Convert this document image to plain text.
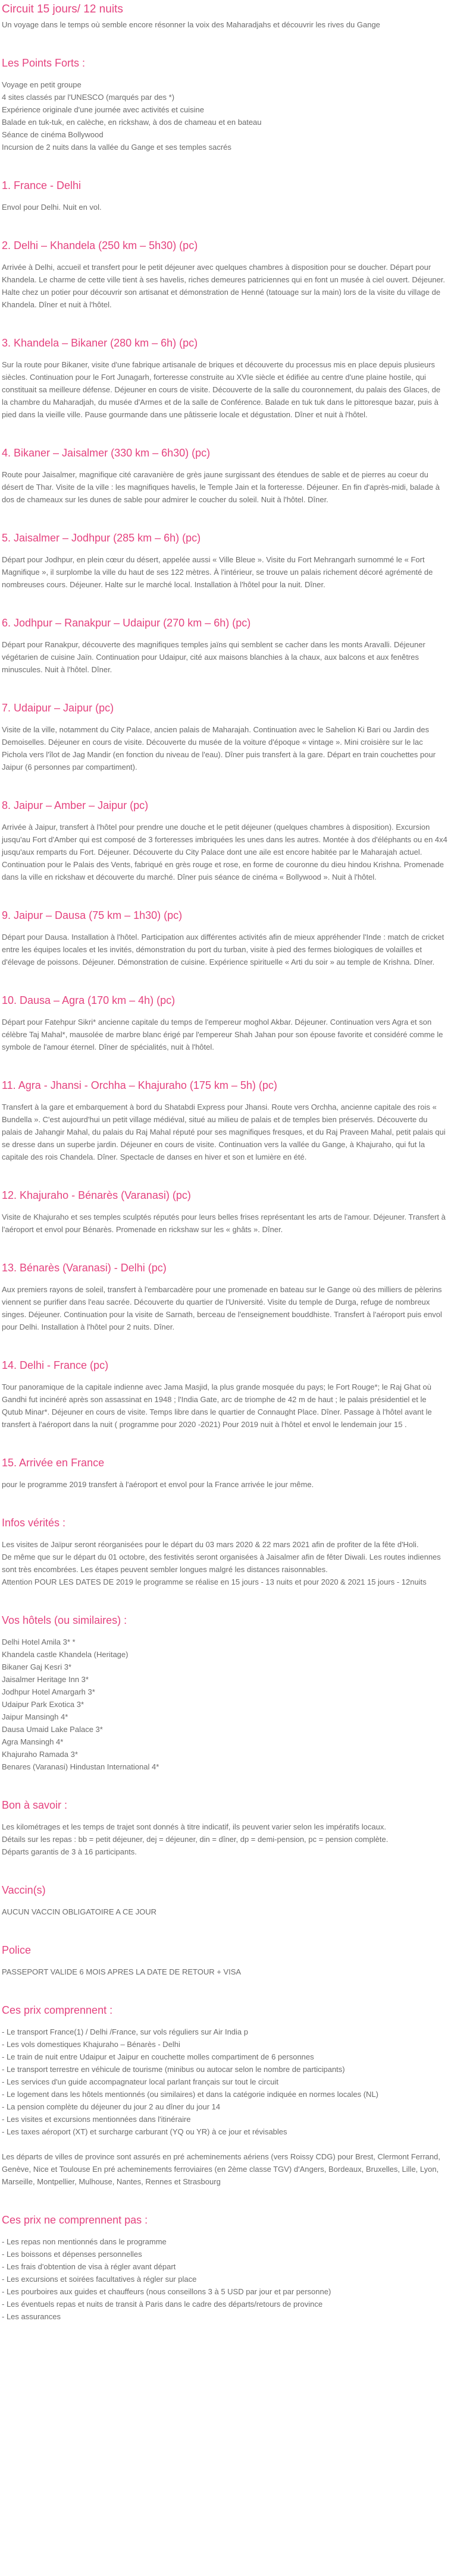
Circuit 15 jours/ 12 nuits

Un voyage dans le temps où semble encore résonner la voix des Maharadjahs et découvrir les rives du Gange

Les Points Forts :
Voyage en petit groupe
4 sites classés par l'UNESCO (marqués par des *)
Expérience originale d'une journée avec activités et cuisine
Balade en tuk-tuk, en calèche, en rickshaw, à dos de chameau et en bateau
Séance de cinéma Bollywood
Incursion de 2 nuits dans la vallée du Gange et ses temples sacrés
1. France - Delhi

Envol pour Delhi. Nuit en vol.

2. Delhi – Khandela (250 km – 5h30) (pc)

Arrivée à Delhi, accueil et transfert pour le petit déjeuner avec quelques chambres à disposition pour se doucher. Départ pour Khandela. Le charme de cette ville tient à ses havelis, riches demeures patriciennes qui en font un musée à ciel ouvert. Déjeuner. Halte chez un potier pour découvrir son artisanat et démonstration de Henné (tatouage sur la main) lors de la visite du village de Khandela. Dîner et nuit à l'hôtel.

3. Khandela – Bikaner (280 km – 6h) (pc)

Sur la route pour Bikaner, visite d'une fabrique artisanale de briques et découverte du processus mis en place depuis plusieurs siècles. Continuation pour le Fort Junagarh, forteresse construite au XVIe siècle et édifiée au centre d'une plaine hostile, qui constituait sa meilleure défense. Déjeuner en cours de visite. Découverte de la salle du couronnement, du palais des Glaces, de la chambre du Maharadjah, du musée d'Armes et de la salle de Conférence. Balade en tuk tuk dans le pittoresque bazar, puis à pied dans la vieille ville. Pause gourmande dans une pâtisserie locale et dégustation. Dîner et nuit à l'hôtel.

4. Bikaner – Jaisalmer (330 km – 6h30) (pc)

Route pour Jaisalmer, magnifique cité caravanière de grès jaune surgissant des étendues de sable et de pierres au coeur du désert de Thar. Visite de la ville : les magnifiques havelis, le Temple Jain et la forteresse. Déjeuner. En fin d'après-midi, balade à dos de chameaux sur les dunes de sable pour admirer le coucher du soleil. Nuit à l'hôtel. Dîner.

5. Jaisalmer – Jodhpur (285 km – 6h) (pc)

Départ pour Jodhpur, en plein cœur du désert, appelée aussi « Ville Bleue ». Visite du Fort Mehrangarh surnommé le « Fort Magnifique », il surplombe la ville du haut de ses 122 mètres. À l'intérieur, se trouve un palais richement décoré agrémenté de nombreuses cours. Déjeuner. Halte sur le marché local. Installation à l'hôtel pour la nuit. Dîner.

6. Jodhpur – Ranakpur – Udaipur (270 km – 6h) (pc)

Départ pour Ranakpur, découverte des magnifiques temples jaïns qui semblent se cacher dans les monts Aravalli. Déjeuner végétarien de cuisine Jaïn. Continuation pour Udaipur, cité aux maisons blanchies à la chaux, aux balcons et aux fenêtres minuscules. Nuit à l'hôtel. Dîner.

7. Udaipur – Jaipur (pc)

Visite de la ville, notamment du City Palace, ancien palais de Maharajah. Continuation avec le Sahelion Ki Bari ou Jardin des Demoiselles. Déjeuner en cours de visite. Découverte du musée de la voiture d'époque « vintage ». Mini croisière sur le lac Pichola vers l'îlot de Jag Mandir (en fonction du niveau de l'eau). Dîner puis transfert à la gare. Départ en train couchettes pour Jaipur (6 personnes par compartiment).

8. Jaipur – Amber – Jaipur (pc)

Arrivée à Jaipur, transfert à l'hôtel pour prendre une douche et le petit déjeuner (quelques chambres à disposition). Excursion jusqu'au Fort d'Amber qui est composé de 3 forteresses imbriquées les unes dans les autres. Montée à dos d'éléphants ou en 4x4 jusqu'aux remparts du Fort. Déjeuner. Découverte du City Palace dont une aile est encore habitée par le Maharajah actuel. Continuation pour le Palais des Vents, fabriqué en grès rouge et rose, en forme de couronne du dieu hindou Krishna. Promenade dans la ville en rickshaw et découverte du marché. Dîner puis séance de cinéma « Bollywood ». Nuit à l'hôtel.

9. Jaipur – Dausa (75 km – 1h30) (pc)

Départ pour Dausa. Installation à l'hôtel. Participation aux différentes activités afin de mieux appréhender l'Inde : match de cricket entre les équipes locales et les invités, démonstration du port du turban, visite à pied des fermes biologiques de volailles et d'élevage de poissons. Déjeuner. Démonstration de cuisine. Expérience spirituelle « Arti du soir » au temple de Krishna. Dîner.

10. Dausa – Agra (170 km – 4h) (pc)

Départ pour Fatehpur Sikri* ancienne capitale du temps de l'empereur moghol Akbar. Déjeuner. Continuation vers Agra et son célèbre Taj Mahal*, mausolée de marbre blanc érigé par l'empereur Shah Jahan pour son épouse favorite et considéré comme le symbole de l'amour éternel. Dîner de spécialités, nuit à l'hôtel.

11. Agra - Jhansi - Orchha – Khajuraho (175 km – 5h) (pc)

Transfert à la gare et embarquement à bord du Shatabdi Express pour Jhansi. Route vers Orchha, ancienne capitale des rois « Bundella ». C'est aujourd'hui un petit village médiéval, situé au milieu de palais et de temples bien préservés. Découverte du palais de Jahangir Mahal, du palais du Raj Mahal réputé pour ses magnifiques fresques, et du Raj Praveen Mahal, petit palais qui se dresse dans un superbe jardin. Déjeuner en cours de visite. Continuation vers la vallée du Gange, à Khajuraho, qui fut la capitale des rois Chandela. Dîner. Spectacle de danses en hiver et son et lumière en été.

12. Khajuraho - Bénarès (Varanasi) (pc)

Visite de Khajuraho et ses temples sculptés réputés pour leurs belles frises représentant les arts de l'amour. Déjeuner. Transfert à l'aéroport et envol pour Bénarès. Promenade en rickshaw sur les « ghâts ». Dîner.

13. Bénarès (Varanasi) - Delhi (pc)

Aux premiers rayons de soleil, transfert à l'embarcadère pour une promenade en bateau sur le Gange où des milliers de pèlerins viennent se purifier dans l'eau sacrée. Découverte du quartier de l'Université. Visite du temple de Durga, refuge de nombreux singes. Déjeuner. Continuation pour la visite de Sarnath, berceau de l'enseignement bouddhiste. Transfert à l'aéroport puis envol pour Delhi. Installation à l'hôtel pour 2 nuits. Dîner.

14. Delhi - France (pc)

Tour panoramique de la capitale indienne avec Jama Masjid, la plus grande mosquée du pays; le Fort Rouge*; le Raj Ghat où Gandhi fut incinéré après son assassinat en 1948 ; l'India Gate, arc de triomphe de 42 m de haut ; le palais présidentiel et le Qutub Minar*. Déjeuner en cours de visite. Temps libre dans le quartier de Connaught Place. Dîner. Passage à l'hôtel avant le transfert à l'aéroport dans la nuit ( programme pour 2020 -2021) Pour 2019 nuit à l'hôtel et envol le lendemain jour 15 .

15. Arrivée en France

pour le programme 2019 transfert à l'aéroport et envol pour la France arrivée le jour même.

Infos vérités :

Les visites de Jaïpur seront réorganisées pour le départ du 03 mars 2020 & 22 mars 2021 afin de profiter de la fête d'Holi.

De même que sur le départ du 01 octobre, des festivités seront organisées à Jaisalmer afin de fêter Diwali. Les routes indiennes sont très encombrées. Les étapes peuvent sembler longues malgré les distances raisonnables.

Attention POUR LES DATES DE 2019 le programme se réalise en 15 jours - 13 nuits et pour 2020 & 2021 15 jours - 12nuits

Vos hôtels (ou similaires) :
Delhi Hotel Amila 3* *
Khandela castle Khandela (Heritage)
Bikaner Gaj Kesri 3*
Jaisalmer Heritage Inn 3*
Jodhpur Hotel Amargarh 3*
Udaipur Park Exotica 3*
Jaipur Mansingh 4*
Dausa Umaid Lake Palace 3*
Agra Mansingh 4*
Khajuraho Ramada 3*
Benares (Varanasi) Hindustan International 4*
Bon à savoir :

Les kilométrages et les temps de trajet sont donnés à titre indicatif, ils peuvent varier selon les impératifs locaux.

Détails sur les repas : bb = petit déjeuner, dej = déjeuner, din = dîner, dp = demi-pension, pc = pension complète.

Départs garantis de 3 à 16 participants.

Vaccin(s)

AUCUN VACCIN OBLIGATOIRE A CE JOUR

Police

PASSEPORT VALIDE 6 MOIS APRES LA DATE DE RETOUR + VISA

Ces prix comprennent :
- Le transport France(1) / Delhi /France, sur vols réguliers sur Air India p
- Les vols domestiques Khajuraho – Bénarès - Delhi
- Le train de nuit entre Udaipur et Jaipur en couchette molles compartiment de 6 personnes
- Le transport terrestre en véhicule de tourisme (minibus ou autocar selon le nombre de participants)
- Les services d'un guide accompagnateur local parlant français sur tout le circuit
- Le logement dans les hôtels mentionnés (ou similaires) et dans la catégorie indiquée en normes locales (NL)
- La pension complète du déjeuner du jour 2 au dîner du jour 14
- Les visites et excursions mentionnées dans l'itinéraire
- Les taxes aéroport (XT) et surcharge carburant (YQ ou YR) à ce jour et révisables

Les départs de villes de province sont assurés en pré acheminements aériens (vers Roissy CDG) pour Brest, Clermont Ferrand, Genève, Nice et Toulouse En pré acheminements ferroviaires (en 2ème classe TGV) d'Angers, Bordeaux, Bruxelles, Lille, Lyon, Marseille, Montpellier, Mulhouse, Nantes, Rennes et Strasbourg

Ces prix ne comprennent pas :
- Les repas non mentionnés dans le programme
- Les boissons et dépenses personnelles
- Les frais d'obtention de visa à régler avant départ
- Les excursions et soirées facultatives à régler sur place
- Les pourboires aux guides et chauffeurs (nous conseillons 3 à 5 USD par jour et par personne)
- Les éventuels repas et nuits de transit à Paris dans le cadre des départs/retours de province
- Les assurances
